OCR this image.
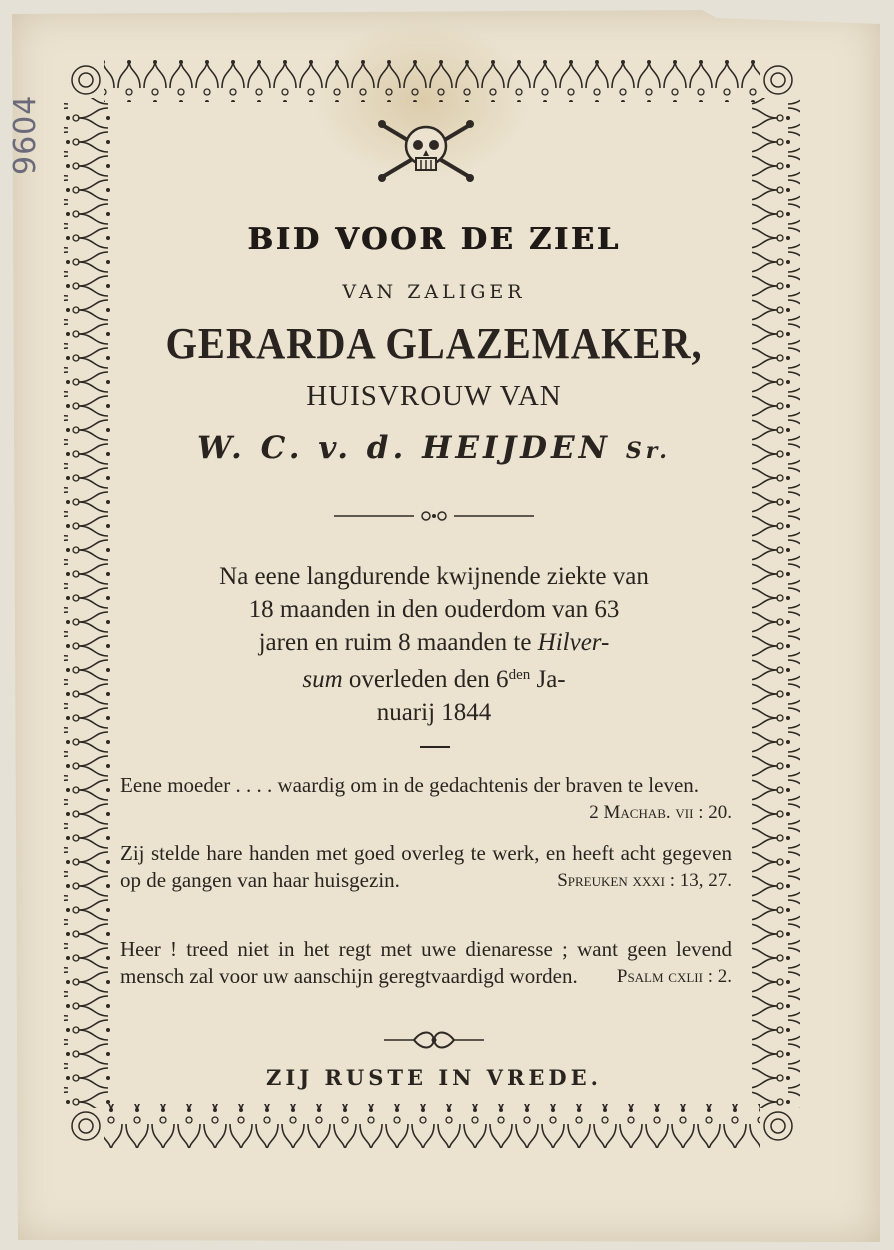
9604
BID VOOR DE ZIEL
VAN ZALIGER
GERARDA GLAZEMAKER,
HUISVROUW VAN
W. C. v. d. HEIJDEN Sr.
Na eene langdurende kwijnende ziekte van
18 maanden in den ouderdom van 63
jaren en ruim 8 maanden te Hilver-
sum overleden den $6^{den}$ Ja-
nuarij 1844
Eene moeder . . . . waardig om in de gedachtenis der braven te leven.
2 Machab. vii : 20.
Zij stelde hare handen met goed overleg te werk, en heeft acht gegeven op de gangen van haar huisgezin.	Spreuken xxxi : 13, 27.
Heer ! treed niet in het regt met uwe dienaresse ; want geen levend mensch zal voor uw aanschijn geregtvaardigd worden. Psalm cxlii : 2.
ZIJ RUSTE IN VREDE.
